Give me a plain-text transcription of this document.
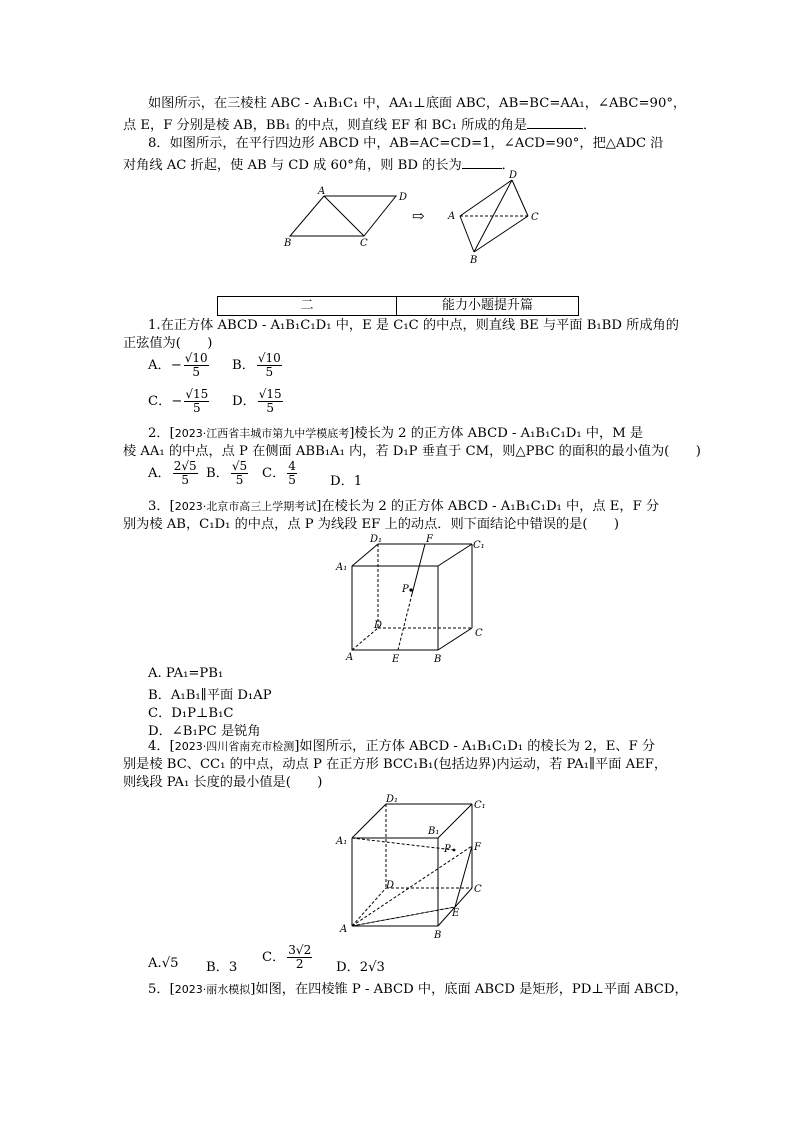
如图所示，在三棱柱 ABC - A₁B₁C₁ 中，AA₁⊥底面 ABC，AB=BC=AA₁，∠ABC=90°，
点 E，F 分别是棱 AB，BB₁ 的中点，则直线 EF 和 BC₁ 所成的角是	．
8．如图所示，在平行四边形 ABCD 中，AB=AC=CD=1，∠ACD=90°，把△ADC 沿
对角线 AC 折起，使 AB 与 CD 成 60°角，则 BD 的长为	．
A
D
B	C
⇨
D
A	C
B
二	能力小题提升篇
1.在正方体 ABCD - A₁B₁C₁D₁ 中，E 是 C₁C 的中点，则直线 BE 与平面 B₁BD 所成角的
正弦值为(　　)
A．− $\frac{√10}{5}$ B． $\frac{√10}{5}$
C．− $\frac{√15}{5}$ D． $\frac{√15}{5}$
2．[2023·江西省丰城市第九中学模底考]棱长为 2 的正方体 ABCD - A₁B₁C₁D₁ 中，M 是
棱 AA₁ 的中点，点 P 在侧面 ABB₁A₁ 内，若 D₁P 垂直于 CM，则△PBC 的面积的最小值为(　　)
A． $\frac{2√5}{5}$ B． $\frac{√5}{5}$ C． $\frac{4}{5}$	D．1
3．[2023·北京市高三上学期考试]在棱长为 2 的正方体 ABCD - A₁B₁C₁D₁ 中，点 E，F 分
别为棱 AB，C₁D₁ 的中点，点 P 为线段 EF 上的动点．则下面结论中错误的是(　　)
D₁	F
C₁
A₁
P
D
C
A	E	B
A. PA₁=PB₁
B．A₁B₁∥平面 D₁AP
C．D₁P⊥B₁C
D．∠B₁PC 是锐角
4．[2023·四川省南充市检测]如图所示，正方体 ABCD - A₁B₁C₁D₁ 的棱长为 2，E、F 分
别是棱 BC、CC₁ 的中点，动点 P 在正方形 BCC₁B₁(包括边界)内运动，若 PA₁∥平面 AEF，
则线段 PA₁ 长度的最小值是(　　)
D₁
C₁
B₁
A₁
P F
D	C
E
A
B
A.√5 B．3
C． $\frac{3√2}{2}$ D．2√3
5．[2023·丽水模拟]如图，在四棱锥 P - ABCD 中，底面 ABCD 是矩形，PD⊥平面 ABCD，
